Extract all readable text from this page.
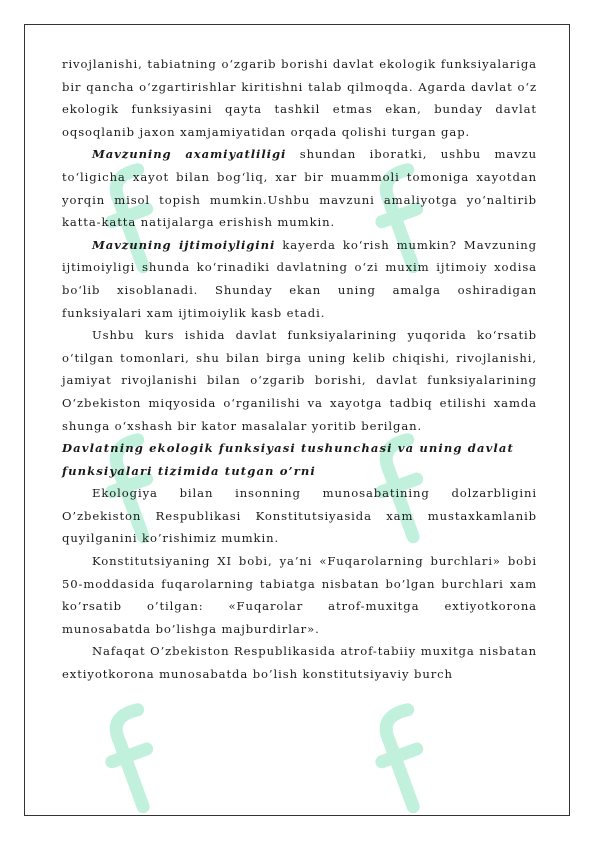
rivojlanishi, tabiatning o‘zgarib borishi davlat ekologik funksiyalariga bir qancha o‘zgartirishlar kiritishni talab qilmoqda. Agarda davlat o‘z ekologik funksiyasini qayta tashkil etmas ekan, bunday davlat oqsoqlanib jaxon xamjamiyatidan orqada qolishi turgan gap.

Mavzuning axamiyatliligi shundan iboratki, ushbu mavzu to‘ligicha xayot bilan bog‘liq, xar bir muammoli tomoniga xayotdan yorqin misol topish mumkin.Ushbu mavzuni amaliyotga yo‘naltirib katta-katta natijalarga erishish mumkin.

Mavzuning ijtimoiyligini kayerda ko‘rish mumkin? Mavzuning ijtimoiyligi shunda ko‘rinadiki davlatning o‘zi muxim ijtimoiy xodisa bo‘lib xisoblanadi. Shunday ekan uning amalga oshiradigan funksiyalari xam ijtimoiylik kasb etadi.

Ushbu kurs ishida davlat funksiyalarining yuqorida ko‘rsatib o‘tilgan tomonlari, shu bilan birga uning kelib chiqishi, rivojlanishi, jamiyat rivojlanishi bilan o‘zgarib borishi, davlat funksiyalarining O‘zbekiston miqyosida o‘rganilishi va xayotga tadbiq etilishi xamda shunga o‘xshash bir kator masalalar yoritib berilgan.

Davlatning ekologik funksiyasi tushunchasi va uning davlat

funksiyalari tizimida tutgan o’rni

Ekologiya bilan insonning munosabatining dolzarbligini O’zbekiston Respublikasi Konstitutsiyasida xam mustaxkamlanib quyilganini ko’rishimiz mumkin.

Konstitutsiyaning XI bobi, ya’ni «Fuqarolarning burchlari» bobi 50-moddasida fuqarolarning tabiatga nisbatan bo’lgan burchlari xam ko’rsatib o’tilgan: «Fuqarolar atrof-muxitga extiyotkorona munosabatda bo’lishga majburdirlar».

Nafaqat O’zbekiston Respublikasida atrof-tabiiy muxitga nisbatan extiyotkorona munosabatda bo’lish konstitutsiyaviy burch
